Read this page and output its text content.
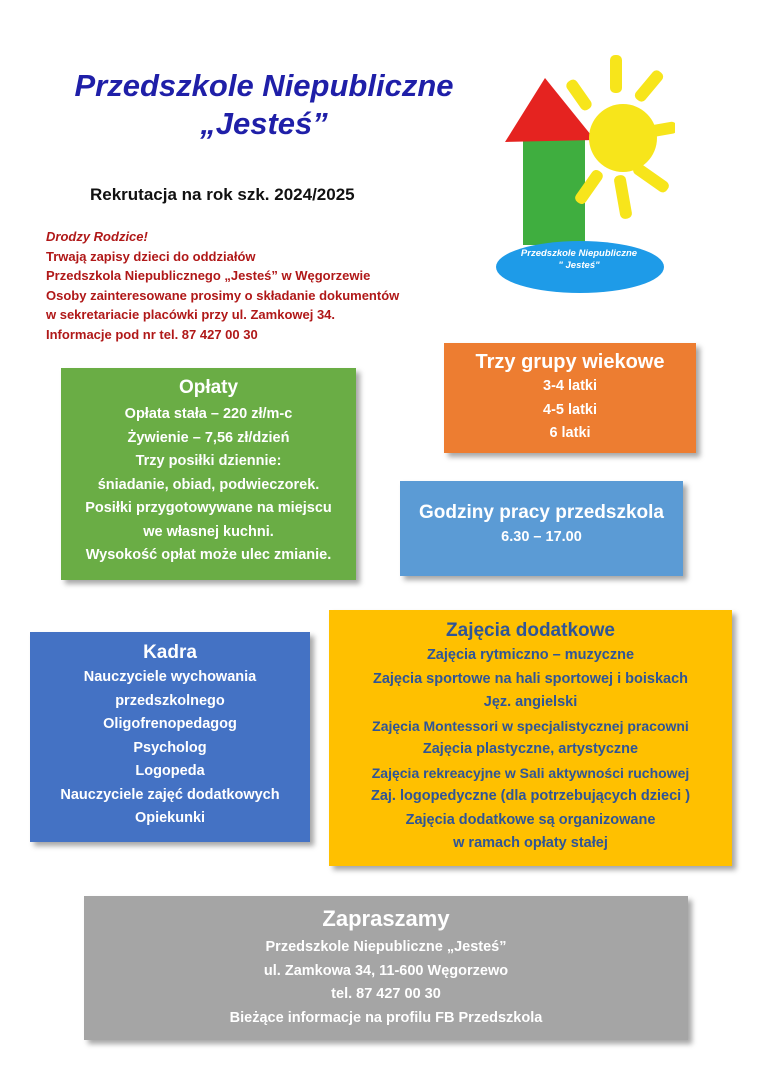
Przedszkole Niepubliczne
„Jesteś”
Rekrutacja na rok szk. 2024/2025
Drodzy Rodzice!
Trwają zapisy dzieci do oddziałów
Przedszkola Niepublicznego „Jesteś” w Węgorzewie
Osoby zainteresowane prosimy o składanie dokumentów
w sekretariacie placówki przy ul. Zamkowej 34.
Informacje pod nr tel. 87 427 00 30
Przedszkole Niepubliczne
" Jesteś"
Trzy grupy wiekowe
3-4 latki
4-5 latki
6 latki
Opłaty
Opłata stała – 220 zł/m-c
Żywienie – 7,56 zł/dzień
Trzy posiłki dziennie:
śniadanie, obiad, podwieczorek.
Posiłki przygotowywane na miejscu
we własnej kuchni.
Wysokość opłat może ulec zmianie.
Godziny pracy przedszkola
6.30 – 17.00
Kadra
Nauczyciele wychowania
przedszkolnego
Oligofrenopedagog
Psycholog
Logopeda
Nauczyciele zajęć dodatkowych
Opiekunki
Zajęcia dodatkowe
Zajęcia rytmiczno – muzyczne
Zajęcia sportowe na hali sportowej i boiskach
Jęz. angielski
Zajęcia Montessori w specjalistycznej pracowni
Zajęcia plastyczne, artystyczne
Zajęcia rekreacyjne w Sali aktywności ruchowej
Zaj. logopedyczne (dla potrzebujących dzieci )
Zajęcia dodatkowe są organizowane
w ramach opłaty stałej
Zapraszamy
Przedszkole Niepubliczne „Jesteś”
ul. Zamkowa 34, 11-600 Węgorzewo
tel. 87 427 00 30
Bieżące informacje na profilu FB Przedszkola
